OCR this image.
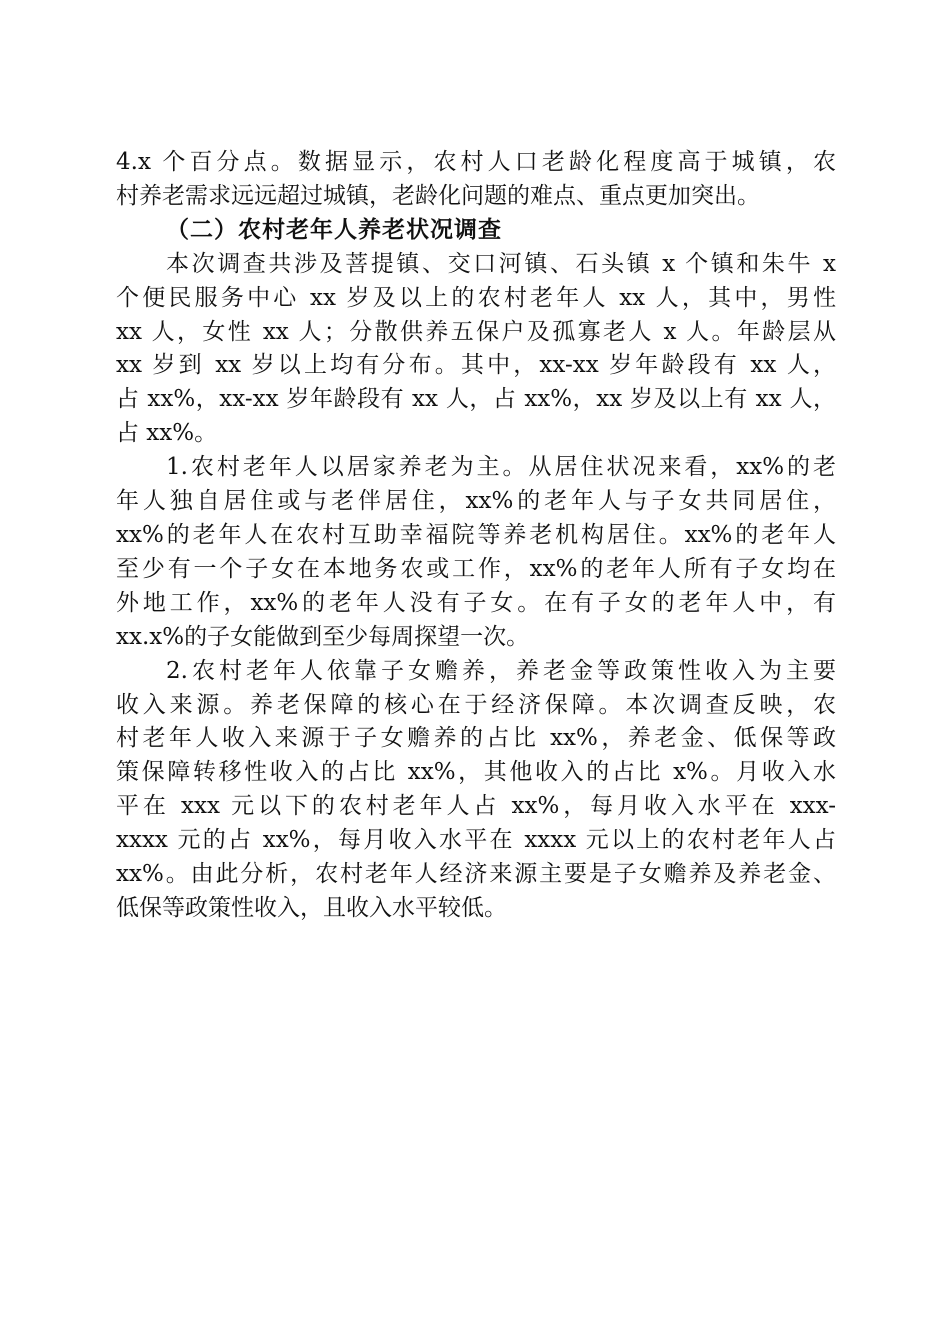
4.x 个百分点。数据显示，农村人口老龄化程度高于城镇，农
村养老需求远远超过城镇，老龄化问题的难点、重点更加突出。
（二）农村老年人养老状况调查
本次调查共涉及菩提镇、交口河镇、石头镇 x 个镇和朱牛 x
个便民服务中心 xx 岁及以上的农村老年人 xx 人，其中，男性
xx 人，女性 xx 人；分散供养五保户及孤寡老人 x 人。年龄层从
xx 岁到 xx 岁以上均有分布。其中，xx-xx 岁年龄段有 xx 人，
占 xx%，xx-xx 岁年龄段有 xx 人，占 xx%，xx 岁及以上有 xx 人，
占 xx%。
1.农村老年人以居家养老为主。从居住状况来看，xx%的老
年人独自居住或与老伴居住，xx%的老年人与子女共同居住，
xx%的老年人在农村互助幸福院等养老机构居住。xx%的老年人
至少有一个子女在本地务农或工作，xx%的老年人所有子女均在
外地工作，xx%的老年人没有子女。在有子女的老年人中，有
xx.x%的子女能做到至少每周探望一次。
2.农村老年人依靠子女赡养，养老金等政策性收入为主要
收入来源。养老保障的核心在于经济保障。本次调查反映，农
村老年人收入来源于子女赡养的占比 xx%，养老金、低保等政
策保障转移性收入的占比 xx%，其他收入的占比 x%。月收入水
平在 xxx 元以下的农村老年人占 xx%，每月收入水平在 xxx-
xxxx 元的占 xx%，每月收入水平在 xxxx 元以上的农村老年人占
xx%。由此分析，农村老年人经济来源主要是子女赡养及养老金、
低保等政策性收入，且收入水平较低。
